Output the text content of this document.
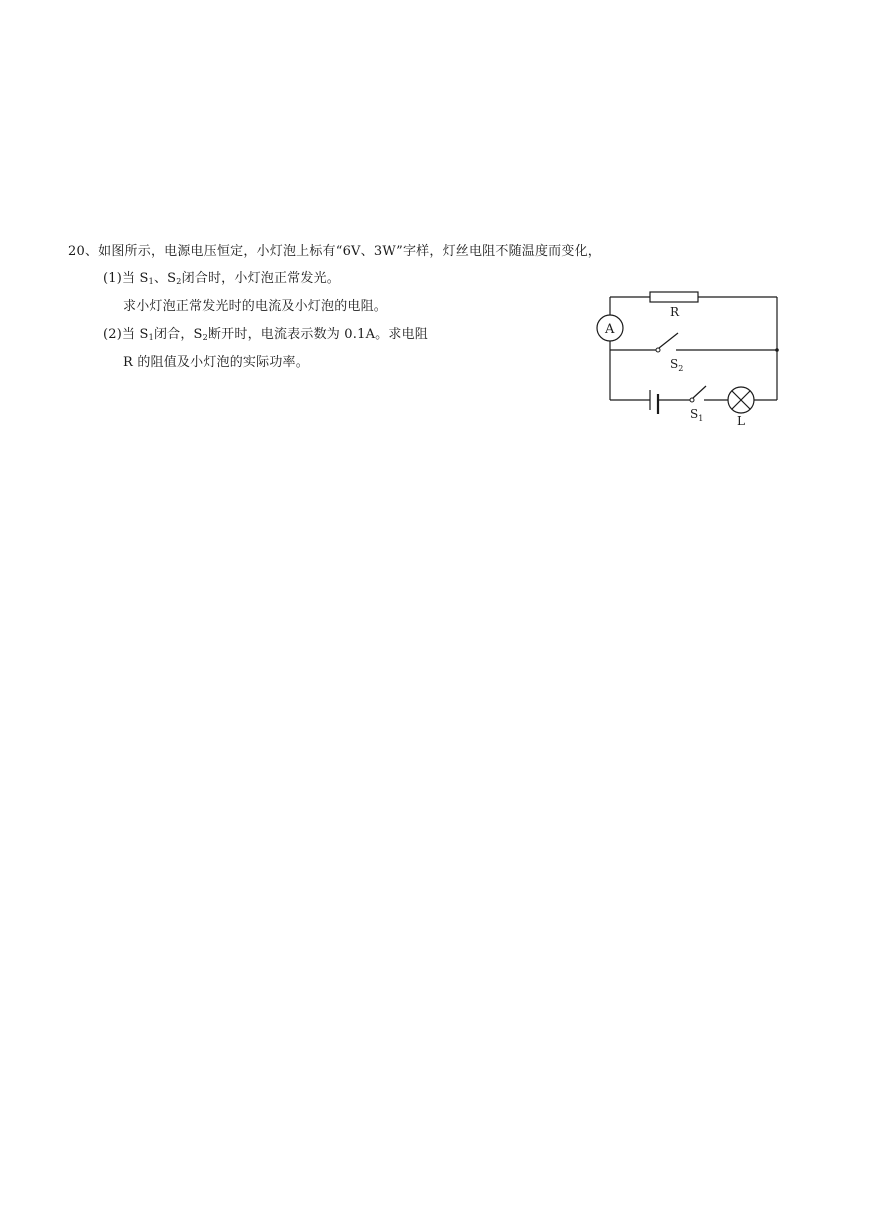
20、如图所示，电源电压恒定，小灯泡上标有“6V、3W”字样，灯丝电阻不随温度而变化，
(1)当 $S_1$、$S_2$闭合时，小灯泡正常发光。
求小灯泡正常发光时的电流及小灯泡的电阻。
(2)当 $S_1$闭合，$S_2$断开时，电流表示数为 0.1A。求电阻
R 的阻值及小灯泡的实际功率。
R
A
$S_2$
$S_1$	L
